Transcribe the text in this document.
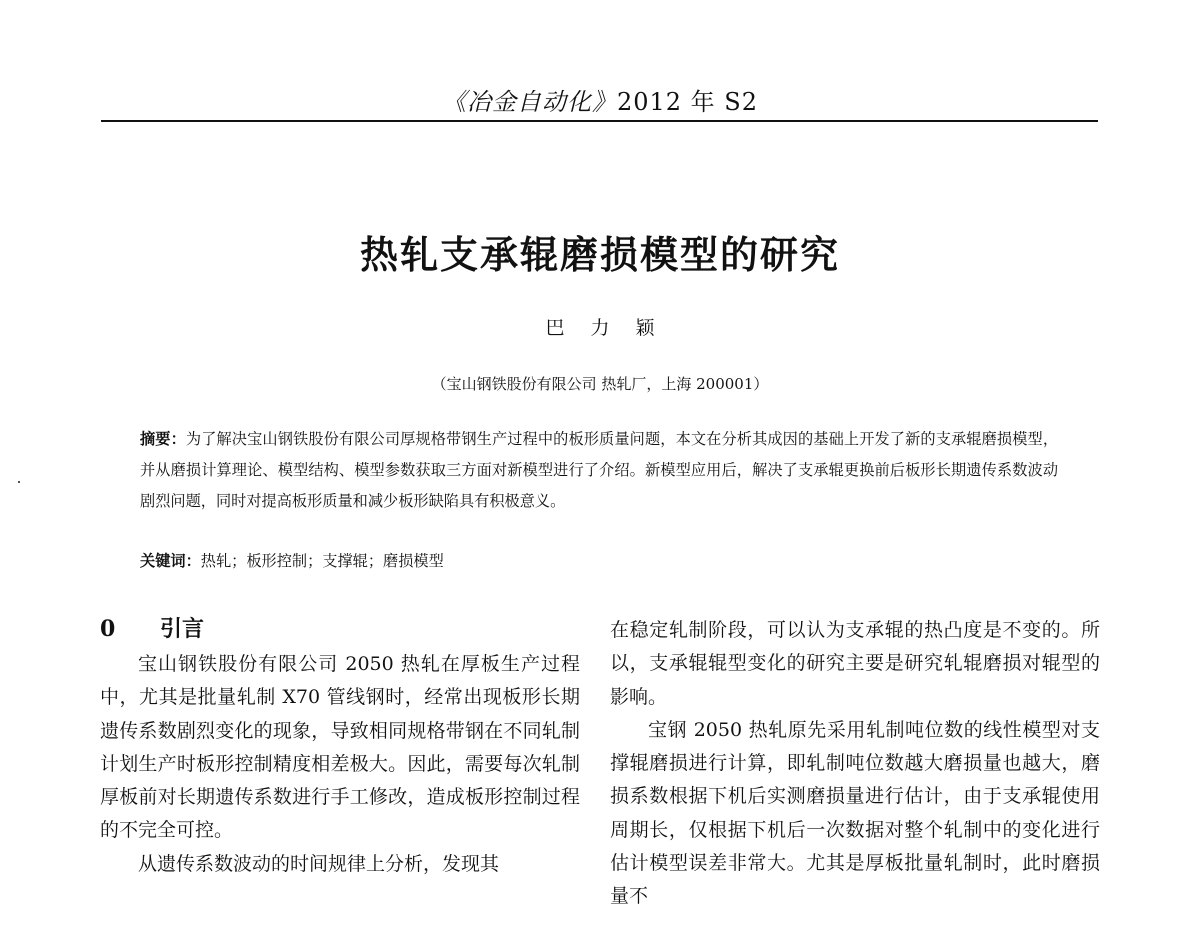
《冶金自动化》2012 年 S2
热轧支承辊磨损模型的研究
巴 力 颖
（宝山钢铁股份有限公司 热轧厂，上海 200001）
摘要：为了解决宝山钢铁股份有限公司厚规格带钢生产过程中的板形质量问题，本文在分析其成因的基础上开发了新的支承辊磨损模型，并从磨损计算理论、模型结构、模型参数获取三方面对新模型进行了介绍。新模型应用后，解决了支承辊更换前后板形长期遗传系数波动剧烈问题，同时对提高板形质量和减少板形缺陷具有积极意义。
关键词：热轧；板形控制；支撑辊；磨损模型
0 引言

宝山钢铁股份有限公司 2050 热轧在厚板生产过程中，尤其是批量轧制 X70 管线钢时，经常出现板形长期遗传系数剧烈变化的现象，导致相同规格带钢在不同轧制计划生产时板形控制精度相差极大。因此，需要每次轧制厚板前对长期遗传系数进行手工修改，造成板形控制过程的不完全可控。

从遗传系数波动的时间规律上分析，发现其

在稳定轧制阶段，可以认为支承辊的热凸度是不变的。所以，支承辊辊型变化的研究主要是研究轧辊磨损对辊型的影响。

宝钢 2050 热轧原先采用轧制吨位数的线性模型对支撑辊磨损进行计算，即轧制吨位数越大磨损量也越大，磨损系数根据下机后实测磨损量进行估计，由于支承辊使用周期长，仅根据下机后一次数据对整个轧制中的变化进行估计模型误差非常大。尤其是厚板批量轧制时，此时磨损量不
